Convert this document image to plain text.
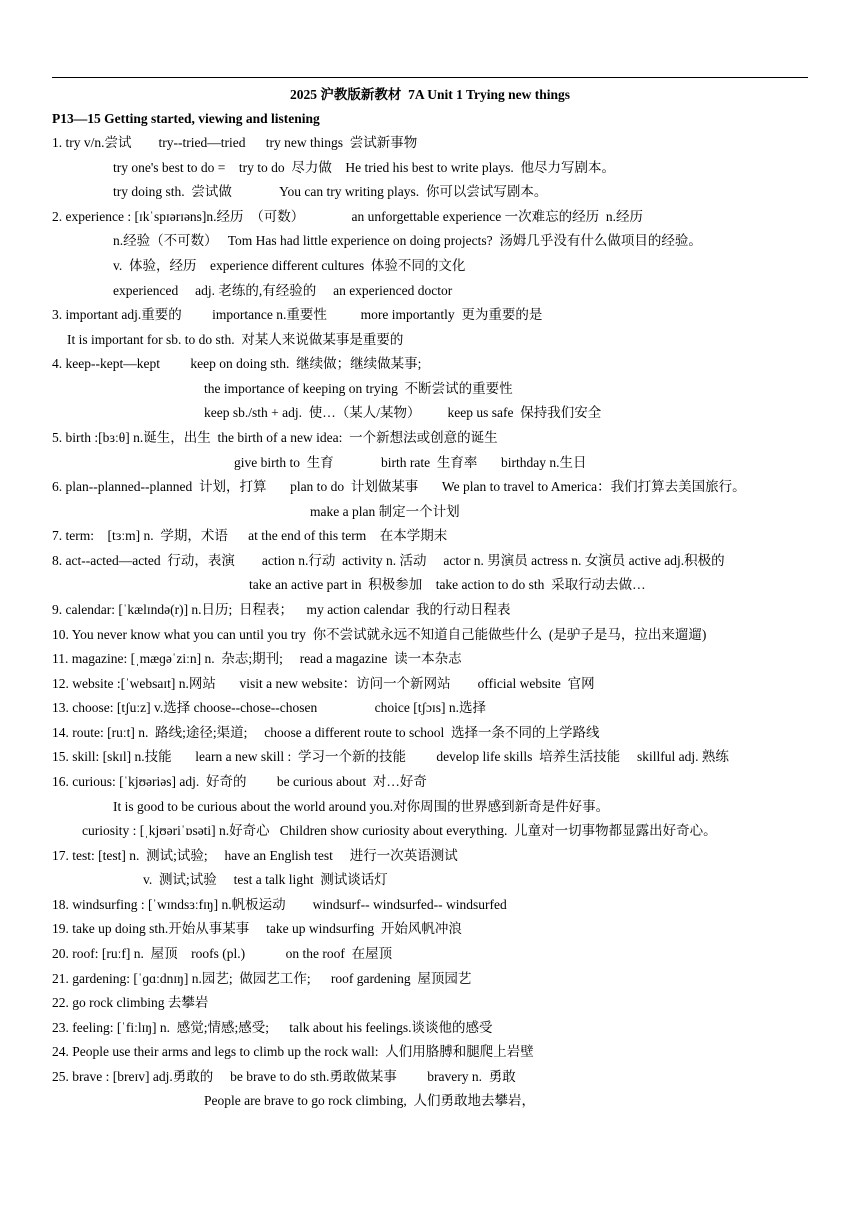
2025 沪教版新教材  7A Unit 1 Trying new things
P13—15 Getting started, viewing and listening
1. try v/n.尝试        try--tried—tried      try new things  尝试新事物
try one's best to do =    try to do  尽力做    He tried his best to write plays.  他尽力写剧本。
try doing sth.  尝试做              You can try writing plays.  你可以尝试写剧本。
2. experience : [ɪkˈspɪərɪəns]n.经历  （可数）              an unforgettable experience 一次难忘的经历  n.经历
n.经验（不可数）   Tom Has had little experience on doing projects?  汤姆几乎没有什么做项目的经验。
v.  体验，经历    experience different cultures  体验不同的文化
experienced     adj. 老练的,有经验的     an experienced doctor
3. important adj.重要的         importance n.重要性          more importantly  更为重要的是
It is important for sb. to do sth.  对某人来说做某事是重要的
4. keep--kept—kept         keep on doing sth.  继续做；继续做某事;
the importance of keeping on trying  不断尝试的重要性
keep sb./sth + adj.  使…（某人/某物）        keep us safe  保持我们安全
5. birth :[bɜːθ] n.诞生，出生  the birth of a new idea:  一个新想法或创意的诞生
give birth to  生育              birth rate  生育率       birthday n.生日
6. plan--planned--planned  计划，打算       plan to do  计划做某事       We plan to travel to America：我们打算去美国旅行。
make a plan 制定一个计划
7. term:    [tɜːm] n.  学期，术语      at the end of this term    在本学期末
8. act--acted—acted  行动，表演        action n.行动  activity n. 活动     actor n. 男演员 actress n. 女演员 active adj.积极的
take an active part in  积极参加    take action to do sth  采取行动去做…
9. calendar: [ˈkælɪndə(r)] n.日历;  日程表；    my action calendar  我的行动日程表
10. You never know what you can until you try  你不尝试就永远不知道自己能做些什么  (是驴子是马，拉出来遛遛)
11. magazine: [ˌmæɡəˈziːn] n.  杂志;期刊;     read a magazine  读一本杂志
12. website :[ˈwebsaɪt] n.网站       visit a new website：访问一个新网站        official website  官网
13. choose: [tʃuːz] v.选择 choose--chose--chosen                 choice [tʃɔɪs] n.选择
14. route: [ruːt] n.  路线;途径;渠道;     choose a different route to school  选择一条不同的上学路线
15. skill: [skɪl] n.技能       learn a new skill :  学习一个新的技能         develop life skills  培养生活技能     skillful adj. 熟练
16. curious: [ˈkjʊəriəs] adj.  好奇的         be curious about  对…好奇
It is good to be curious about the world around you.对你周围的世界感到新奇是件好事。
curiosity : [ˌkjʊəriˈɒsəti] n.好奇心   Children show curiosity about everything.  儿童对一切事物都显露出好奇心。
17. test: [test] n.  测试;试验;     have an English test     进行一次英语测试
v.  测试;试验     test a talk light  测试谈话灯
18. windsurfing : [ˈwɪndsɜːfɪŋ] n.帆板运动        windsurf-- windsurfed-- windsurfed
19. take up doing sth.开始从事某事     take up windsurfing  开始风帆冲浪
20. roof: [ruːf] n.  屋顶    roofs (pl.)            on the roof  在屋顶
21. gardening: [ˈɡɑːdnɪŋ] n.园艺;  做园艺工作;      roof gardening  屋顶园艺
22. go rock climbing 去攀岩
23. feeling: [ˈfiːlɪŋ] n.  感觉;情感;感受;      talk about his feelings.谈谈他的感受
24. People use their arms and legs to climb up the rock wall:  人们用胳膊和腿爬上岩壁
25. brave : [breɪv] adj.勇敢的     be brave to do sth.勇敢做某事         bravery n.  勇敢
People are brave to go rock climbing,  人们勇敢地去攀岩，
